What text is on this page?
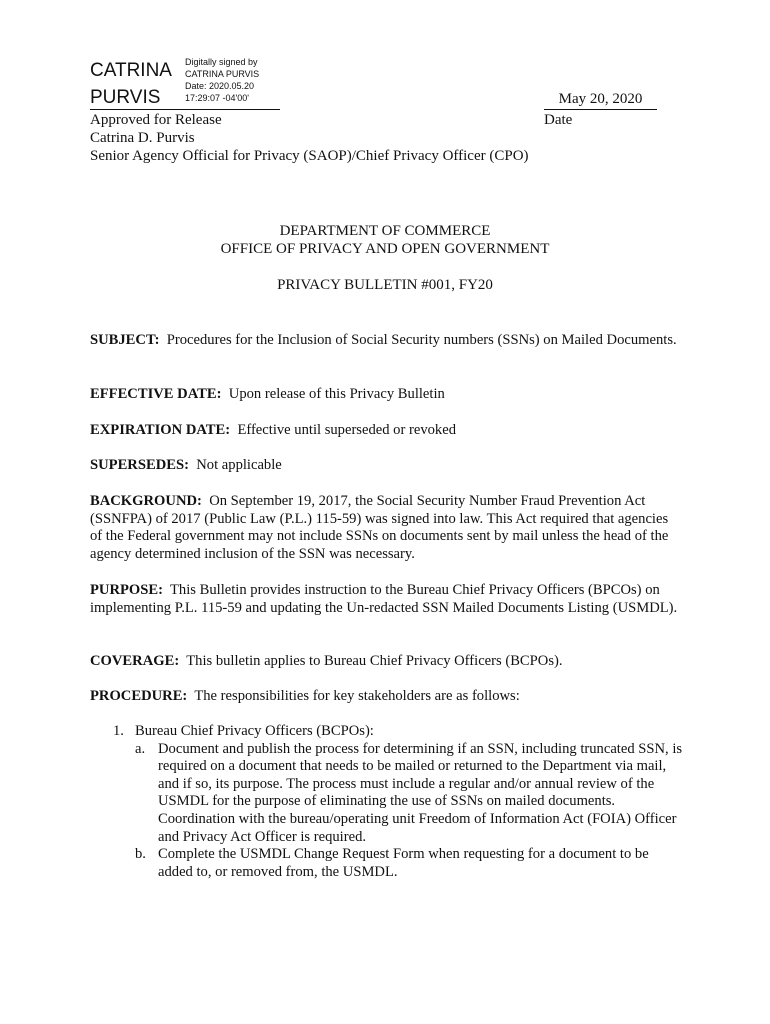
CATRINA
PURVIS
Digitally signed by
CATRINA PURVIS
Date: 2020.05.20
17:29:07 -04'00'	May 20, 2020
Date
Approved for Release
Catrina D. Purvis
Senior Agency Official for Privacy (SAOP)/Chief Privacy Officer (CPO)
DEPARTMENT OF COMMERCE
OFFICE OF PRIVACY AND OPEN GOVERNMENT
PRIVACY BULLETIN #001, FY20
SUBJECT: Procedures for the Inclusion of Social Security numbers (SSNs) on Mailed Documents.
EFFECTIVE DATE: Upon release of this Privacy Bulletin
EXPIRATION DATE: Effective until superseded or revoked
SUPERSEDES: Not applicable
BACKGROUND: On September 19, 2017, the Social Security Number Fraud Prevention Act (SSNFPA) of 2017 (Public Law (P.L.) 115-59) was signed into law. This Act required that agencies of the Federal government may not include SSNs on documents sent by mail unless the head of the agency determined inclusion of the SSN was necessary.
PURPOSE: This Bulletin provides instruction to the Bureau Chief Privacy Officers (BPCOs) on implementing P.L. 115-59 and updating the Un-redacted SSN Mailed Documents Listing (USMDL).
COVERAGE: This bulletin applies to Bureau Chief Privacy Officers (BCPOs).
PROCEDURE: The responsibilities for key stakeholders are as follows:
1. Bureau Chief Privacy Officers (BCPOs):
a. Document and publish the process for determining if an SSN, including truncated SSN, is required on a document that needs to be mailed or returned to the Department via mail, and if so, its purpose. The process must include a regular and/or annual review of the USMDL for the purpose of eliminating the use of SSNs on mailed documents. Coordination with the bureau/operating unit Freedom of Information Act (FOIA) Officer and Privacy Act Officer is required.
b. Complete the USMDL Change Request Form when requesting for a document to be added to, or removed from, the USMDL.
